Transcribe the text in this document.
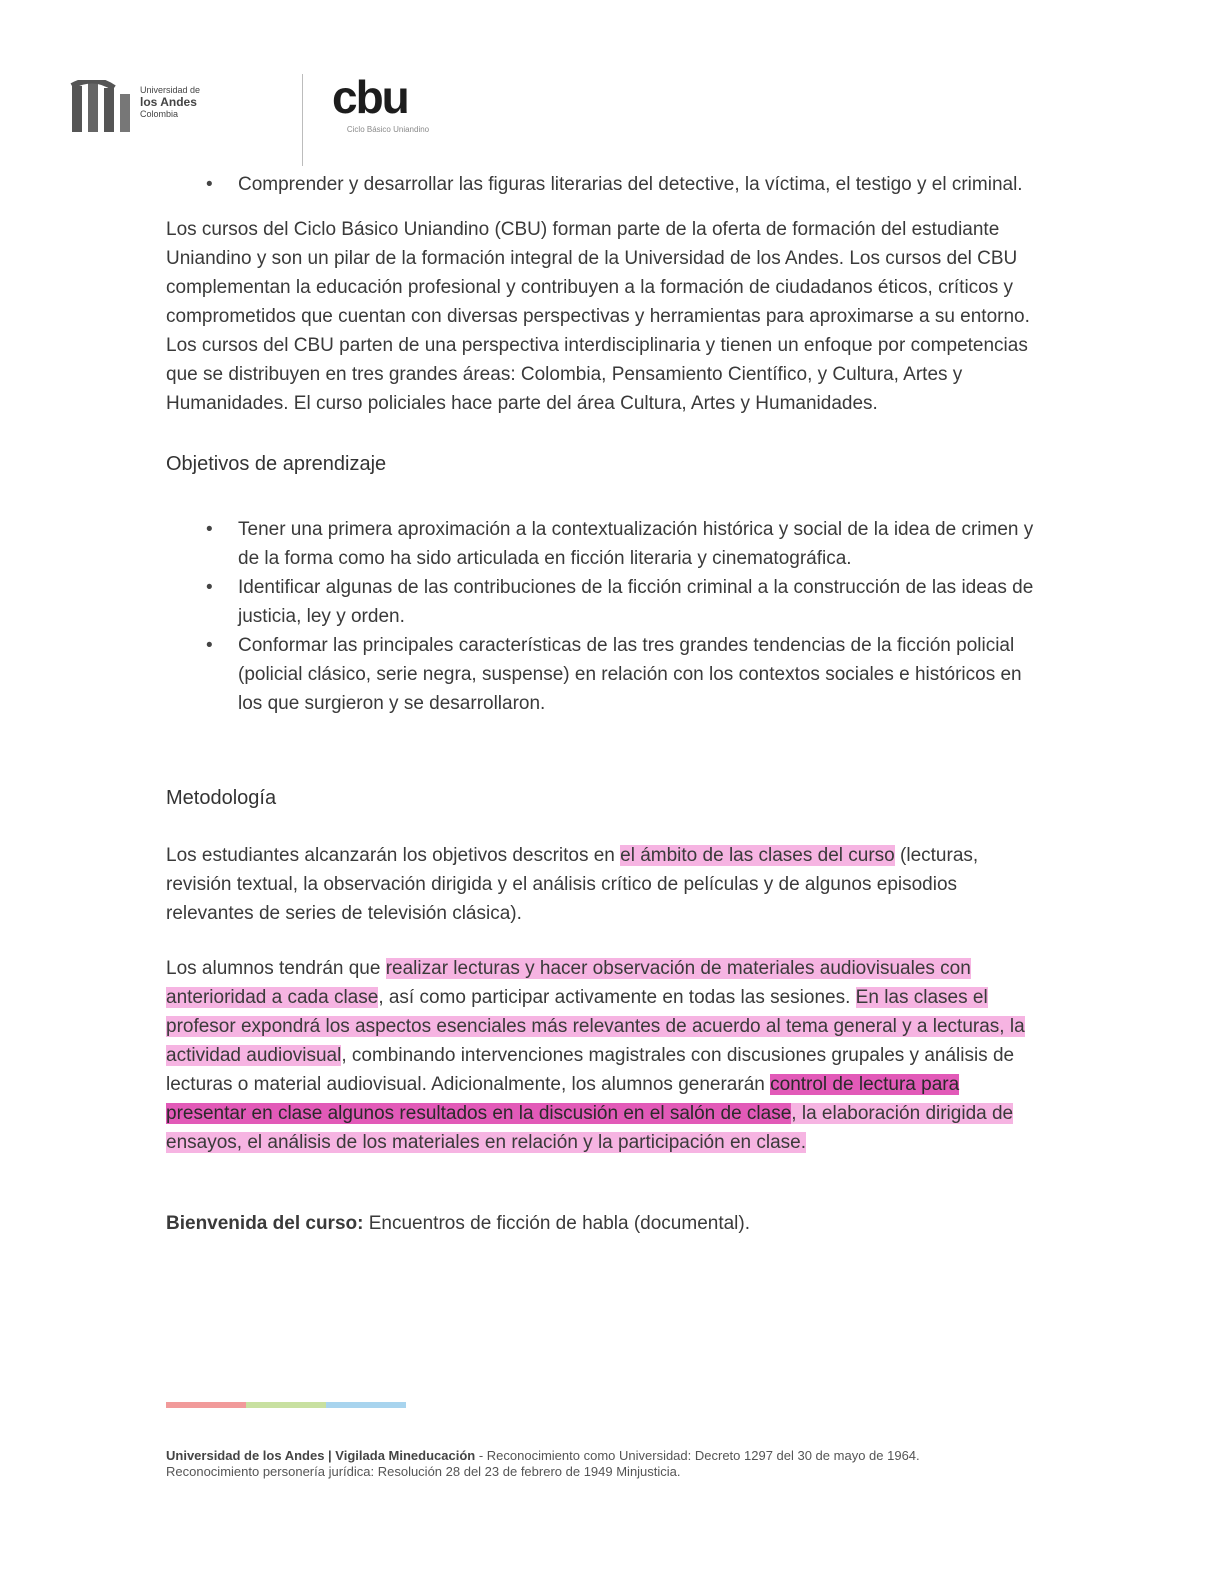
Universidad de
los Andes
Colombia	cbu
Ciclo Básico Uniandino
• Comprender y desarrollar las figuras literarias del detective, la víctima, el testigo y el criminal.

Los cursos del Ciclo Básico Uniandino (CBU) forman parte de la oferta de formación del estudiante Uniandino y son un pilar de la formación integral de la Universidad de los Andes. Los cursos del CBU complementan la educación profesional y contribuyen a la formación de ciudadanos éticos, críticos y comprometidos que cuentan con diversas perspectivas y herramientas para aproximarse a su entorno. Los cursos del CBU parten de una perspectiva interdisciplinaria y tienen un enfoque por competencias que se distribuyen en tres grandes áreas: Colombia, Pensamiento Científico, y Cultura, Artes y Humanidades. El curso policiales hace parte del área Cultura, Artes y Humanidades.

Objetivos de aprendizaje
• Tener una primera aproximación a la contextualización histórica y social de la idea de crimen y de la forma como ha sido articulada en ficción literaria y cinematográfica.
• Identificar algunas de las contribuciones de la ficción criminal a la construcción de las ideas de justicia, ley y orden.
• Conformar las principales características de las tres grandes tendencias de la ficción policial (policial clásico, serie negra, suspense) en relación con los contextos sociales e históricos en los que surgieron y se desarrollaron.
Metodología

Los estudiantes alcanzarán los objetivos descritos en el ámbito de las clases del curso (lecturas, revisión textual, la observación dirigida y el análisis crítico de películas y de algunos episodios relevantes de series de televisión clásica).

Los alumnos tendrán que realizar lecturas y hacer observación de materiales audiovisuales con anterioridad a cada clase, así como participar activamente en todas las sesiones. En las clases el profesor expondrá los aspectos esenciales más relevantes de acuerdo al tema general y a lecturas, la actividad audiovisual, combinando intervenciones magistrales con discusiones grupales y análisis de lecturas o material audiovisual. Adicionalmente, los alumnos generarán control de lectura para presentar en clase algunos resultados en la discusión en el salón de clase, la elaboración dirigida de ensayos, el análisis de los materiales en relación y la participación en clase.

Bienvenida del curso: Encuentros de ficción de habla (documental).

Universidad de los Andes | Vigilada Mineducación - Reconocimiento como Universidad: Decreto 1297 del 30 de mayo de 1964.
Reconocimiento personería jurídica: Resolución 28 del 23 de febrero de 1949 Minjusticia.
